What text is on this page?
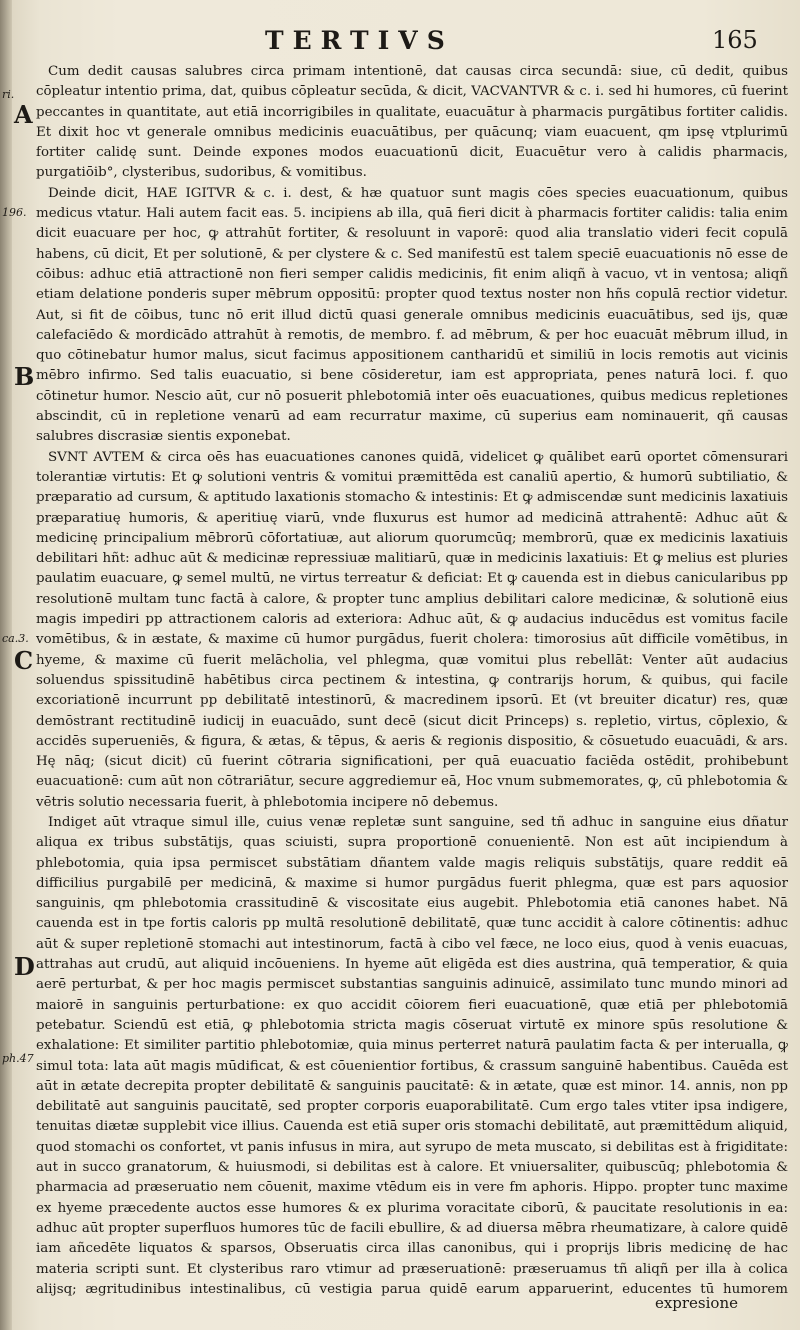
TERTIVS	165
ri.
A
196.
B
ca.3.
C
D
ph.47

Cum dedit causas salubres circa primam intentionē, dat causas circa secundā: siue, cū dedit, quibus cōpleatur intentio prima, dat, quibus cōpleatur secūda, & dicit, VACVANTVR & c. i. sed hi humores, cū fuerint peccantes in quantitate, aut etiā incorrigibiles in qualitate, euacuātur à pharmacis purgātibus fortiter calidis. Et dixit hoc vt generale omnibus medicinis euacuātibus, per quācunq; viam euacuent, qm ipsę vtplurimū fortiter calidę sunt. Deinde expones modos euacuationū dicit, Euacuētur vero à calidis pharmacis, purgatiōib°, clysteribus, sudoribus, & vomitibus.

Deinde dicit, HAE IGITVR & c. i. dest, & hæ quatuor sunt magis cōes species euacuationum, quibus medicus vtatur. Hali autem facit eas. 5. incipiens ab illa, quā fieri dicit à pharmacis fortiter calidis: talia enim dicit euacuare per hoc, ꝙ attrahūt fortiter, & resoluunt in vaporē: quod alia translatio videri fecit copulā habens, cū dicit, Et per solutionē, & per clystere & c. Sed manifestū est talem speciē euacuationis nō esse de cōibus: adhuc etiā attractionē non fieri semper calidis medicinis, fit enim aliqñ à vacuo, vt in ventosa; aliqñ etiam delatione ponderis super mēbrum oppositū: propter quod textus noster non hñs copulā rectior videtur. Aut, si fit de cōibus, tunc nō erit illud dictū quasi generale omnibus medicinis euacuātibus, sed ijs, quæ calefaciēdo & mordicādo attrahūt à remotis, de membro. f. ad mēbrum, & per hoc euacuāt mēbrum illud, in quo cōtinebatur humor malus, sicut facimus appositionem cantharidū et similiū in locis remotis aut vicinis mēbro infirmo. Sed talis euacuatio, si bene cōsideretur, iam est appropriata, penes naturā loci. f. quo cōtinetur humor. Nescio aūt, cur nō posuerit phlebotomiā inter oēs euacuationes, quibus medicus repletiones abscindit, cū in repletione venarū ad eam recurratur maxime, cū superius eam nominauerit, qñ causas salubres discrasiæ sientis exponebat.

SVNT AVTEM & circa oēs has euacuationes canones quidā, videlicet ꝙ quālibet earū oportet cōmensurari tolerantiæ virtutis: Et ꝙ solutioni ventris & vomitui præmittēda est canaliū apertio, & humorū subtiliatio, & præparatio ad cursum, & aptitudo laxationis stomacho & intestinis: Et ꝙ admiscendæ sunt medicinis laxatiuis præparatiuę humoris, & aperitiuę viarū, vnde fluxurus est humor ad medicinā attrahentē: Adhuc aūt & medicinę principalium mēbrorū cōfortatiuæ, aut aliorum quorumcūq; membrorū, quæ ex medicinis laxatiuis debilitari hñt: adhuc aūt & medicinæ repressiuæ malitiarū, quæ in medicinis laxatiuis: Et ꝙ melius est pluries paulatim euacuare, ꝙ semel multū, ne virtus terreatur & deficiat: Et ꝙ cauenda est in diebus canicularibus pp resolutionē multam tunc factā à calore, & propter tunc amplius debilitari calore medicinæ, & solutionē eius magis impediri pp attractionem caloris ad exteriora: Adhuc aūt, & ꝙ audacius inducēdus est vomitus facile vomētibus, & in æstate, & maxime cū humor purgādus, fuerit cholera: timorosius aūt difficile vomētibus, in hyeme, & maxime cū fuerit melācholia, vel phlegma, quæ vomitui plus rebellāt: Venter aūt audacius soluendus spissitudinē habētibus circa pectinem & intestina, ꝙ contrarijs horum, & quibus, qui facile excoriationē incurrunt pp debilitatē intestinorū, & macredinem ipsorū. Et (vt breuiter dicatur) res, quæ demōstrant rectitudinē iudicij in euacuādo, sunt decē (sicut dicit Princeps) s. repletio, virtus, cōplexio, & accidēs superueniēs, & figura, & ætas, & tēpus, & aeris & regionis dispositio, & cōsuetudo euacuādi, & ars. Hę nāq; (sicut dicit) cū fuerint cōtraria significationi, per quā euacuatio faciēda ostēdit, prohibebunt euacuationē: cum aūt non cōtrariātur, secure aggrediemur eā, Hoc vnum submemorates, ꝙ, cū phlebotomia & vētris solutio necessaria fuerit, à phlebotomia incipere nō debemus.

Indiget aūt vtraque simul ille, cuius venæ repletæ sunt sanguine, sed tñ adhuc in sanguine eius dñatur aliqua ex tribus substātijs, quas sciuisti, supra proportionē conuenientē. Non est aūt incipiendum à phlebotomia, quia ipsa permiscet substātiam dñantem valde magis reliquis substātijs, quare reddit eā difficilius purgabilē per medicinā, & maxime si humor purgādus fuerit phlegma, quæ est pars aquosior sanguinis, qm phlebotomia crassitudinē & viscositate eius augebit. Phlebotomia etiā canones habet. Nā cauenda est in tpe fortis caloris pp multā resolutionē debilitatē, quæ tunc accidit à calore cōtinentis: adhuc aūt & super repletionē stomachi aut intestinorum, factā à cibo vel fæce, ne loco eius, quod à venis euacuas, attrahas aut crudū, aut aliquid incōueniens. In hyeme aūt eligēda est dies austrina, quā temperatior, & quia aerē perturbat, & per hoc magis permiscet substantias sanguinis adinuicē, assimilato tunc mundo minori ad maiorē in sanguinis perturbatione: ex quo accidit cōiorem fieri euacuationē, quæ etiā per phlebotomiā petebatur. Sciendū est etiā, ꝙ phlebotomia stricta magis cōseruat virtutē ex minore spūs resolutione & exhalatione: Et similiter partitio phlebotomiæ, quia minus perterret naturā paulatim facta & per interualla, ꝙ simul tota: lata aūt magis mūdificat, & est cōuenientior fortibus, & crassum sanguinē habentibus. Cauēda est aūt in ætate decrepita propter debilitatē & sanguinis paucitatē: & in ætate, quæ est minor. 14. annis, non pp debilitatē aut sanguinis paucitatē, sed propter corporis euaporabilitatē. Cum ergo tales vtiter ipsa indigere, tenuitas diætæ supplebit vice illius. Cauenda est etiā super oris stomachi debilitatē, aut præmittēdum aliquid, quod stomachi os confortet, vt panis infusus in mira, aut syrupo de meta muscato, si debilitas est à frigiditate: aut in succo granatorum, & huiusmodi, si debilitas est à calore. Et vniuersaliter, quibuscūq; phlebotomia & pharmacia ad præseruatio nem cōuenit, maxime vtēdum eis in vere fm aphoris. Hippo. propter tunc maxime ex hyeme præcedente auctos esse humores & ex plurima voracitate ciborū, & paucitate resolutionis in ea: adhuc aūt propter superfluos humores tūc de facili ebullire, & ad diuersa mēbra rheumatizare, à calore quidē iam añcedēte liquatos & sparsos, Obseruatis circa illas canonibus, qui i proprijs libris medicinę de hac materia scripti sunt. Et clysteribus raro vtimur ad præseruationē: præseruamus tñ aliqñ per illa à colica alijsq; ægritudinibus intestinalibus, cū vestigia parua quidē earum apparuerint, educentes tū humorem

expresione
